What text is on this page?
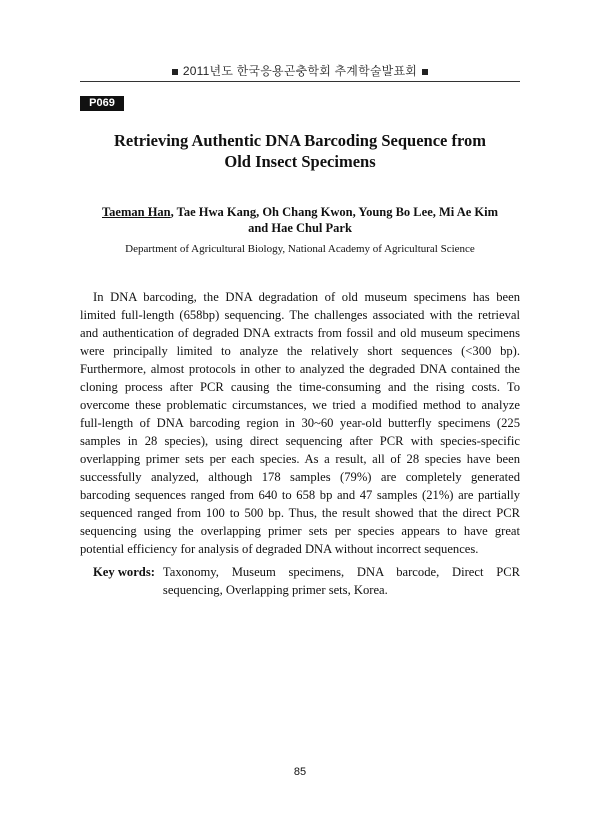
2011년도 한국응용곤충학회 추계학술발표회
P069
Retrieving Authentic DNA Barcoding Sequence from
Old Insect Specimens
Taeman Han, Tae Hwa Kang, Oh Chang Kwon, Young Bo Lee, Mi Ae Kim
and Hae Chul Park
Department of Agricultural Biology, National Academy of Agricultural Science

In DNA barcoding, the DNA degradation of old museum specimens has been limited full-length (658bp) sequencing. The challenges associated with the retrieval and authentication of degraded DNA extracts from fossil and old museum specimens were principally limited to analyze the relatively short sequences (<300 bp). Furthermore, almost protocols in other to analyzed the degraded DNA contained the cloning process after PCR causing the time-consuming and the rising costs. To overcome these problematic circumstances, we tried a modified method to analyze full-length of DNA barcoding region in 30~60 year-old butterfly specimens (225 samples in 28 species), using direct sequencing after PCR with species-specific overlapping primer sets per each species. As a result, all of 28 species have been successfully analyzed, although 178 samples (79%) are completely generated barcoding sequences ranged from 640 to 658 bp and 47 samples (21%) are partially sequenced ranged from 100 to 500 bp. Thus, the result showed that the direct PCR sequencing using the overlapping primer sets per species appears to have great potential efficiency for analysis of degraded DNA without incorrect sequences.

Key words: Taxonomy, Museum specimens, DNA barcode, Direct PCR sequencing, Overlapping primer sets, Korea.
85
